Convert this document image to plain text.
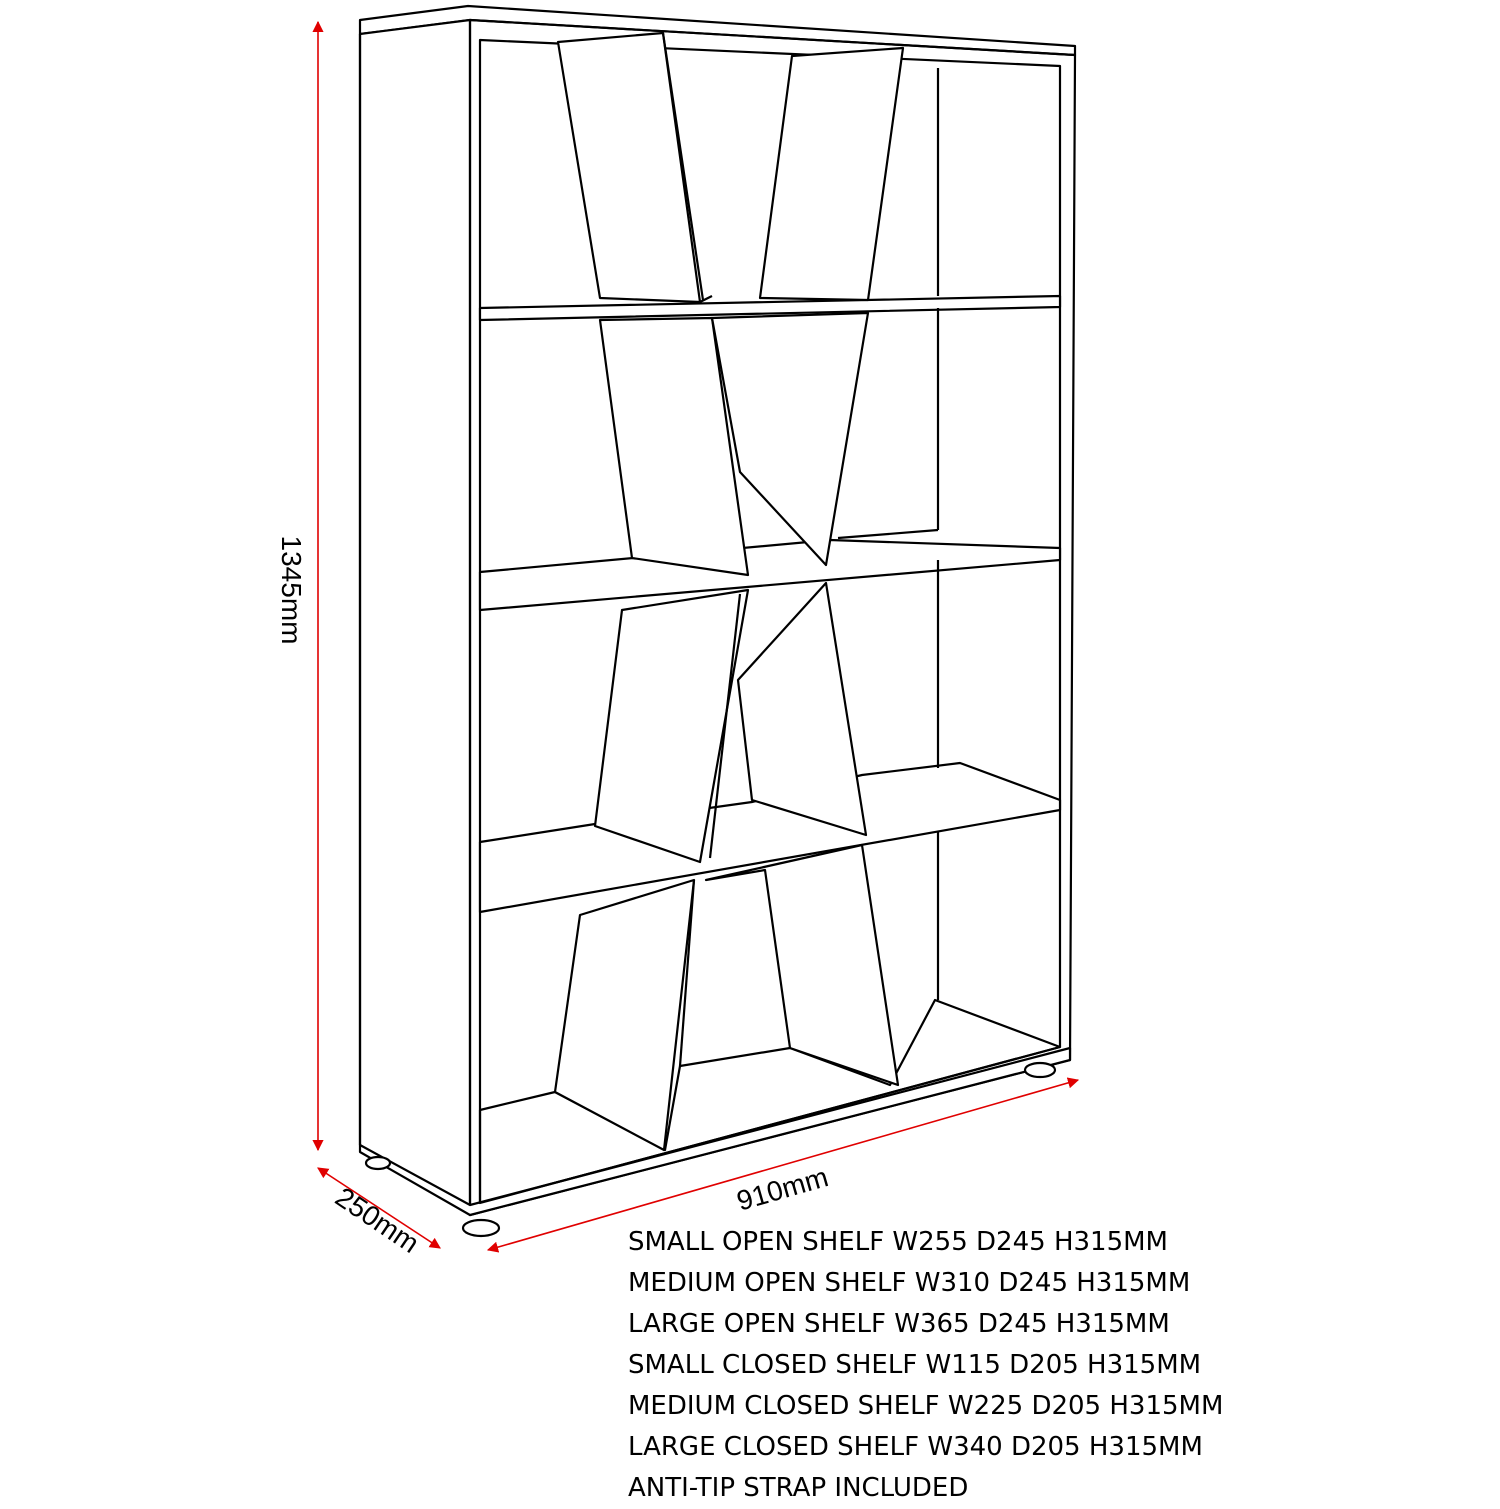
1345mm
910mm
250mm	SMALL OPEN SHELF W255 D245 H315MM
MEDIUM OPEN SHELF W310 D245 H315MM
LARGE OPEN SHELF W365 D245 H315MM
SMALL CLOSED SHELF W115 D205 H315MM
MEDIUM CLOSED SHELF W225 D205 H315MM
LARGE CLOSED SHELF W340 D205 H315MM
ANTI-TIP STRAP INCLUDED
